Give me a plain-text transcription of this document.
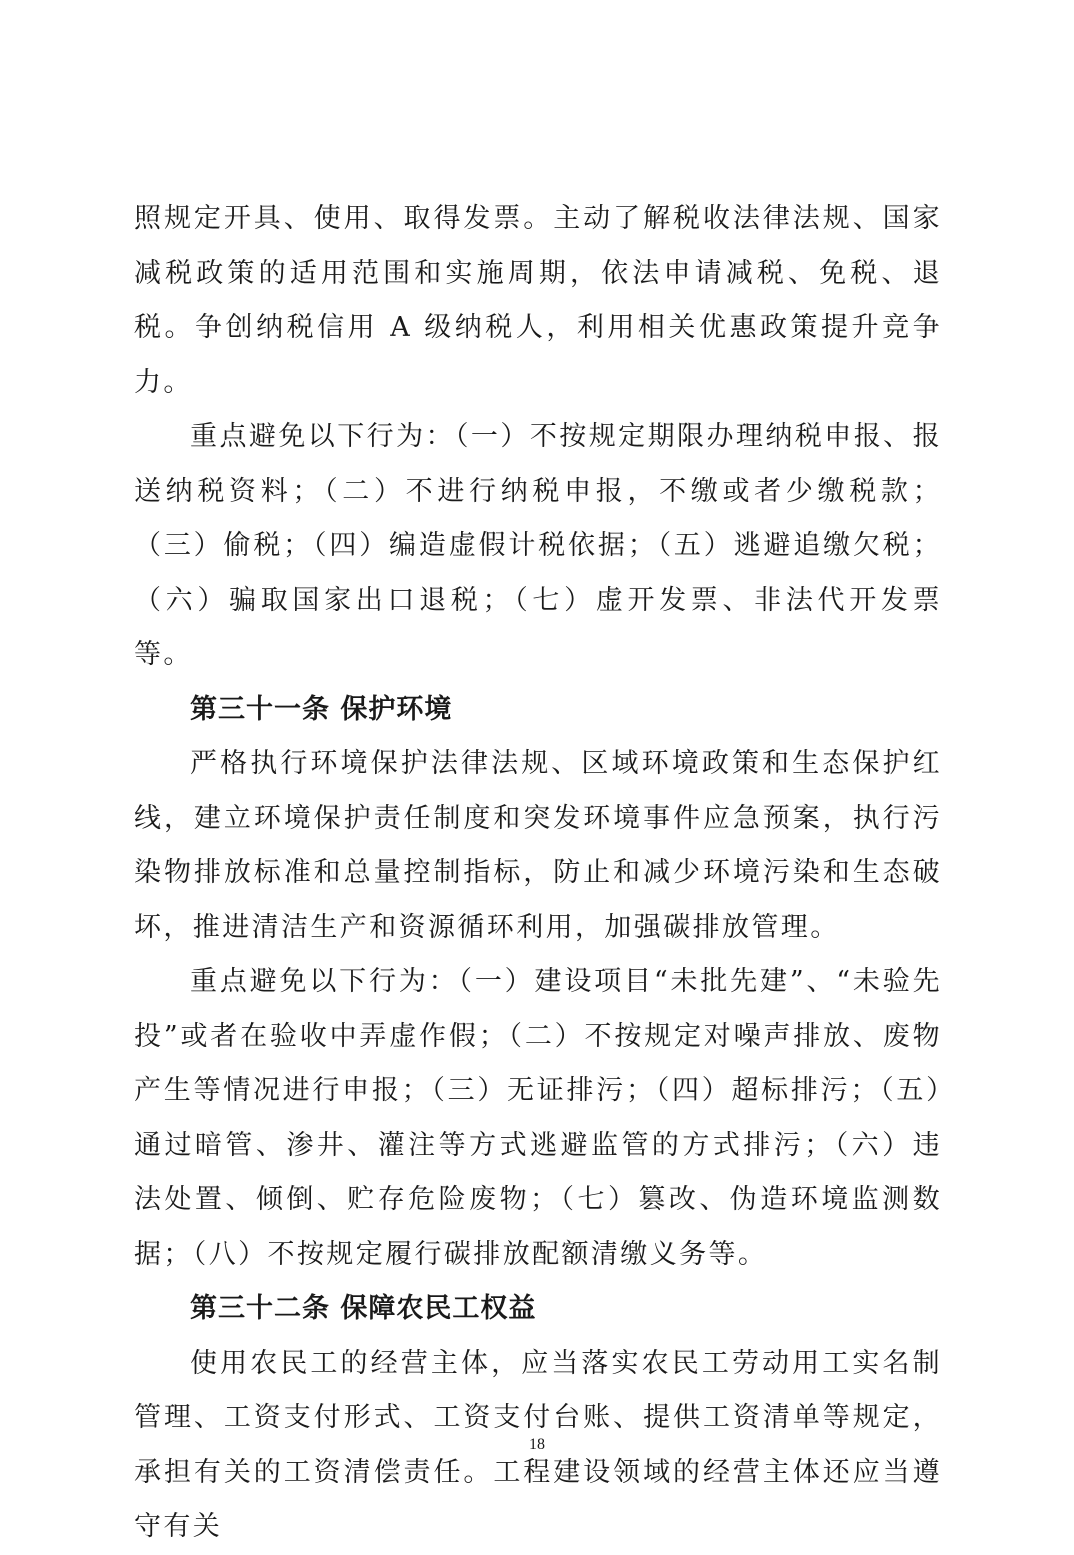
照规定开具、使用、取得发票。主动了解税收法律法规、国家减税政策的适用范围和实施周期，依法申请减税、免税、退税。争创纳税信用 A 级纳税人，利用相关优惠政策提升竞争力。

重点避免以下行为：（一）不按规定期限办理纳税申报、报送纳税资料；（二）不进行纳税申报，不缴或者少缴税款；（三）偷税；（四）编造虚假计税依据；（五）逃避追缴欠税；（六）骗取国家出口退税；（七）虚开发票、非法代开发票等。

第三十一条 保护环境

严格执行环境保护法律法规、区域环境政策和生态保护红线，建立环境保护责任制度和突发环境事件应急预案，执行污染物排放标准和总量控制指标，防止和减少环境污染和生态破坏，推进清洁生产和资源循环利用，加强碳排放管理。

重点避免以下行为：（一）建设项目“未批先建”、“未验先投”或者在验收中弄虚作假；（二）不按规定对噪声排放、废物产生等情况进行申报；（三）无证排污；（四）超标排污；（五）通过暗管、渗井、灌注等方式逃避监管的方式排污；（六）违法处置、倾倒、贮存危险废物；（七）篡改、伪造环境监测数据；（八）不按规定履行碳排放配额清缴义务等。

第三十二条 保障农民工权益

使用农民工的经营主体，应当落实农民工劳动用工实名制管理、工资支付形式、工资支付台账、提供工资清单等规定，承担有关的工资清偿责任。工程建设领域的经营主体还应当遵守有关

18
